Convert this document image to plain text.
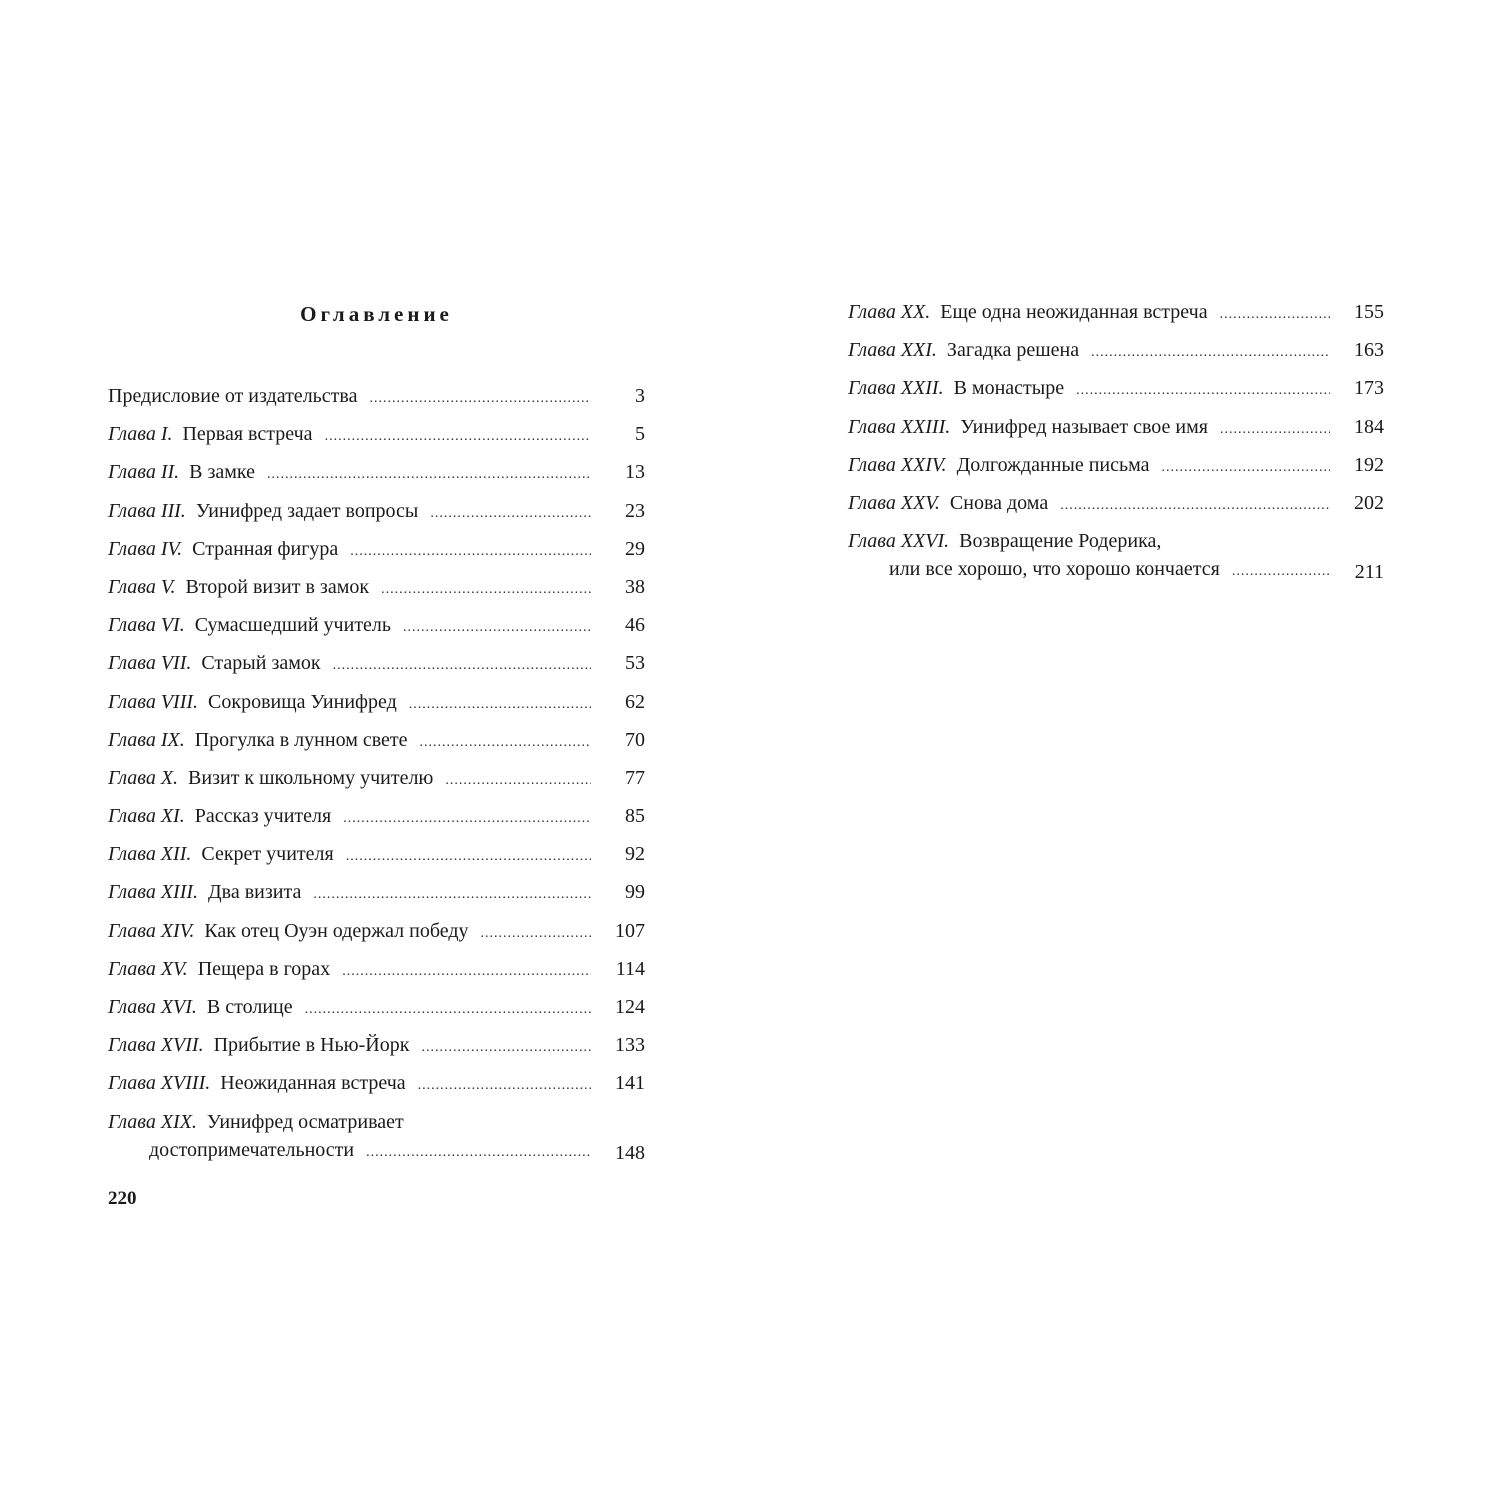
Оглавление
Предисловие от издательства .....	3
Глава I. Первая встреча .....	5
Глава II. В замке .....	13
Глава III. Уинифред задает вопросы .....	23
Глава IV. Странная фигура .....	29
Глава V. Второй визит в замок .....	38
Глава VI. Сумасшедший учитель .....	46
Глава VII. Старый замок .....	53
Глава VIII. Сокровища Уинифред .....	62
Глава IX. Прогулка в лунном свете .....	70
Глава X. Визит к школьному учителю .....	77
Глава XI. Рассказ учителя .....	85
Глава XII. Секрет учителя .....	92
Глава XIII. Два визита .....	99
Глава XIV. Как отец Оуэн одержал победу .....	107
Глава XV. Пещера в горах .....	114
Глава XVI. В столице .....	124
Глава XVII. Прибытие в Нью-Йорк .....	133
Глава XVIII. Неожиданная встреча .....	141
Глава XIX. Уинифред осматривает
достопримечательности .....	148
Глава XX. Еще одна неожиданная встреча .....	155
Глава XXI. Загадка решена .....	163
Глава XXII. В монастыре .....	173
Глава XXIII. Уинифред называет свое имя .....	184
Глава XXIV. Долгожданные письма .....	192
Глава XXV. Снова дома .....	202
Глава XXVI. Возвращение Родерика,
или все хорошо, что хорошо кончается .....	211

220
